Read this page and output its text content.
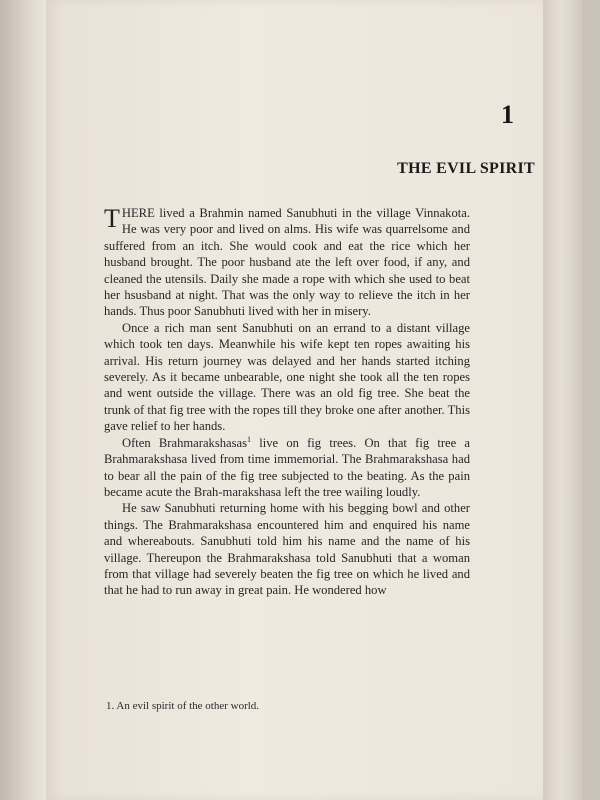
1
THE EVIL SPIRIT

THERE lived a Brahmin named Sanubhuti in the village Vinnakota. He was very poor and lived on alms. His wife was quarrelsome and suffered from an itch. She would cook and eat the rice which her husband brought. The poor husband ate the left over food, if any, and cleaned the utensils. Daily she made a rope with which she used to beat her hsusband at night. That was the only way to relieve the itch in her hands. Thus poor Sanubhuti lived with her in misery.

Once a rich man sent Sanubhuti on an errand to a distant village which took ten days. Meanwhile his wife kept ten ropes awaiting his arrival. His return journey was delayed and her hands started itching severely. As it became unbearable, one night she took all the ten ropes and went outside the village. There was an old fig tree. She beat the trunk of that fig tree with the ropes till they broke one after another. This gave relief to her hands.

Often Brahmarakshasas$^1$ live on fig trees. On that fig tree a Brahmarakshasa lived from time immemorial. The Brahmarakshasa had to bear all the pain of the fig tree subjected to the beating. As the pain became acute the Brah-marakshasa left the tree wailing loudly.

He saw Sanubhuti returning home with his begging bowl and other things. The Brahmarakshasa encountered him and enquired his name and whereabouts. Sanubhuti told him his name and the name of his village. Thereupon the Brahmarakshasa told Sanubhuti that a woman from that village had severely beaten the fig tree on which he lived and that he had to run away in great pain. He wondered how

1. An evil spirit of the other world.
